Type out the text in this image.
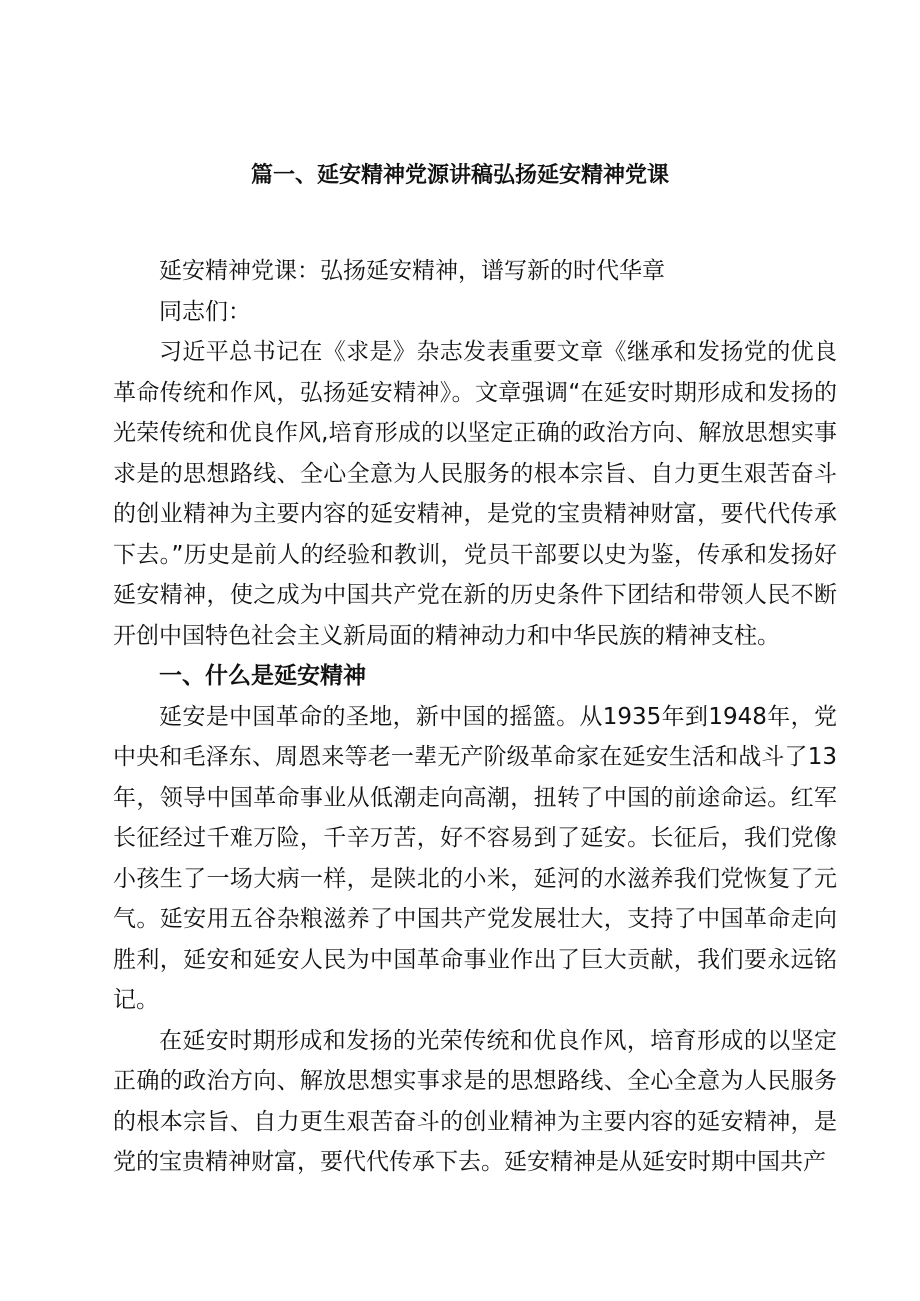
篇一、延安精神党源讲稿弘扬延安精神党课

延安精神党课：弘扬延安精神，谱写新的时代华章

同志们：

习近平总书记在《求是》杂志发表重要文章《继承和发扬党的优良革命传统和作风，弘扬延安精神》。文章强调“在延安时期形成和发扬的光荣传统和优良作风,培育形成的以坚定正确的政治方向、解放思想实事求是的思想路线、全心全意为人民服务的根本宗旨、自力更生艰苦奋斗的创业精神为主要内容的延安精神，是党的宝贵精神财富，要代代传承下去。”历史是前人的经验和教训，党员干部要以史为鉴，传承和发扬好延安精神，使之成为中国共产党在新的历史条件下团结和带领人民不断开创中国特色社会主义新局面的精神动力和中华民族的精神支柱。

一、什么是延安精神

延安是中国革命的圣地，新中国的摇篮。从1935年到1948年，党中央和毛泽东、周恩来等老一辈无产阶级革命家在延安生活和战斗了13年，领导中国革命事业从低潮走向高潮，扭转了中国的前途命运。红军长征经过千难万险，千辛万苦，好不容易到了延安。长征后，我们党像小孩生了一场大病一样，是陕北的小米，延河的水滋养我们党恢复了元气。延安用五谷杂粮滋养了中国共产党发展壮大，支持了中国革命走向胜利，延安和延安人民为中国革命事业作出了巨大贡献，我们要永远铭记。

在延安时期形成和发扬的光荣传统和优良作风，培育形成的以坚定正确的政治方向、解放思想实事求是的思想路线、全心全意为人民服务的根本宗旨、自力更生艰苦奋斗的创业精神为主要内容的延安精神，是党的宝贵精神财富，要代代传承下去。延安精神是从延安时期中国共产
